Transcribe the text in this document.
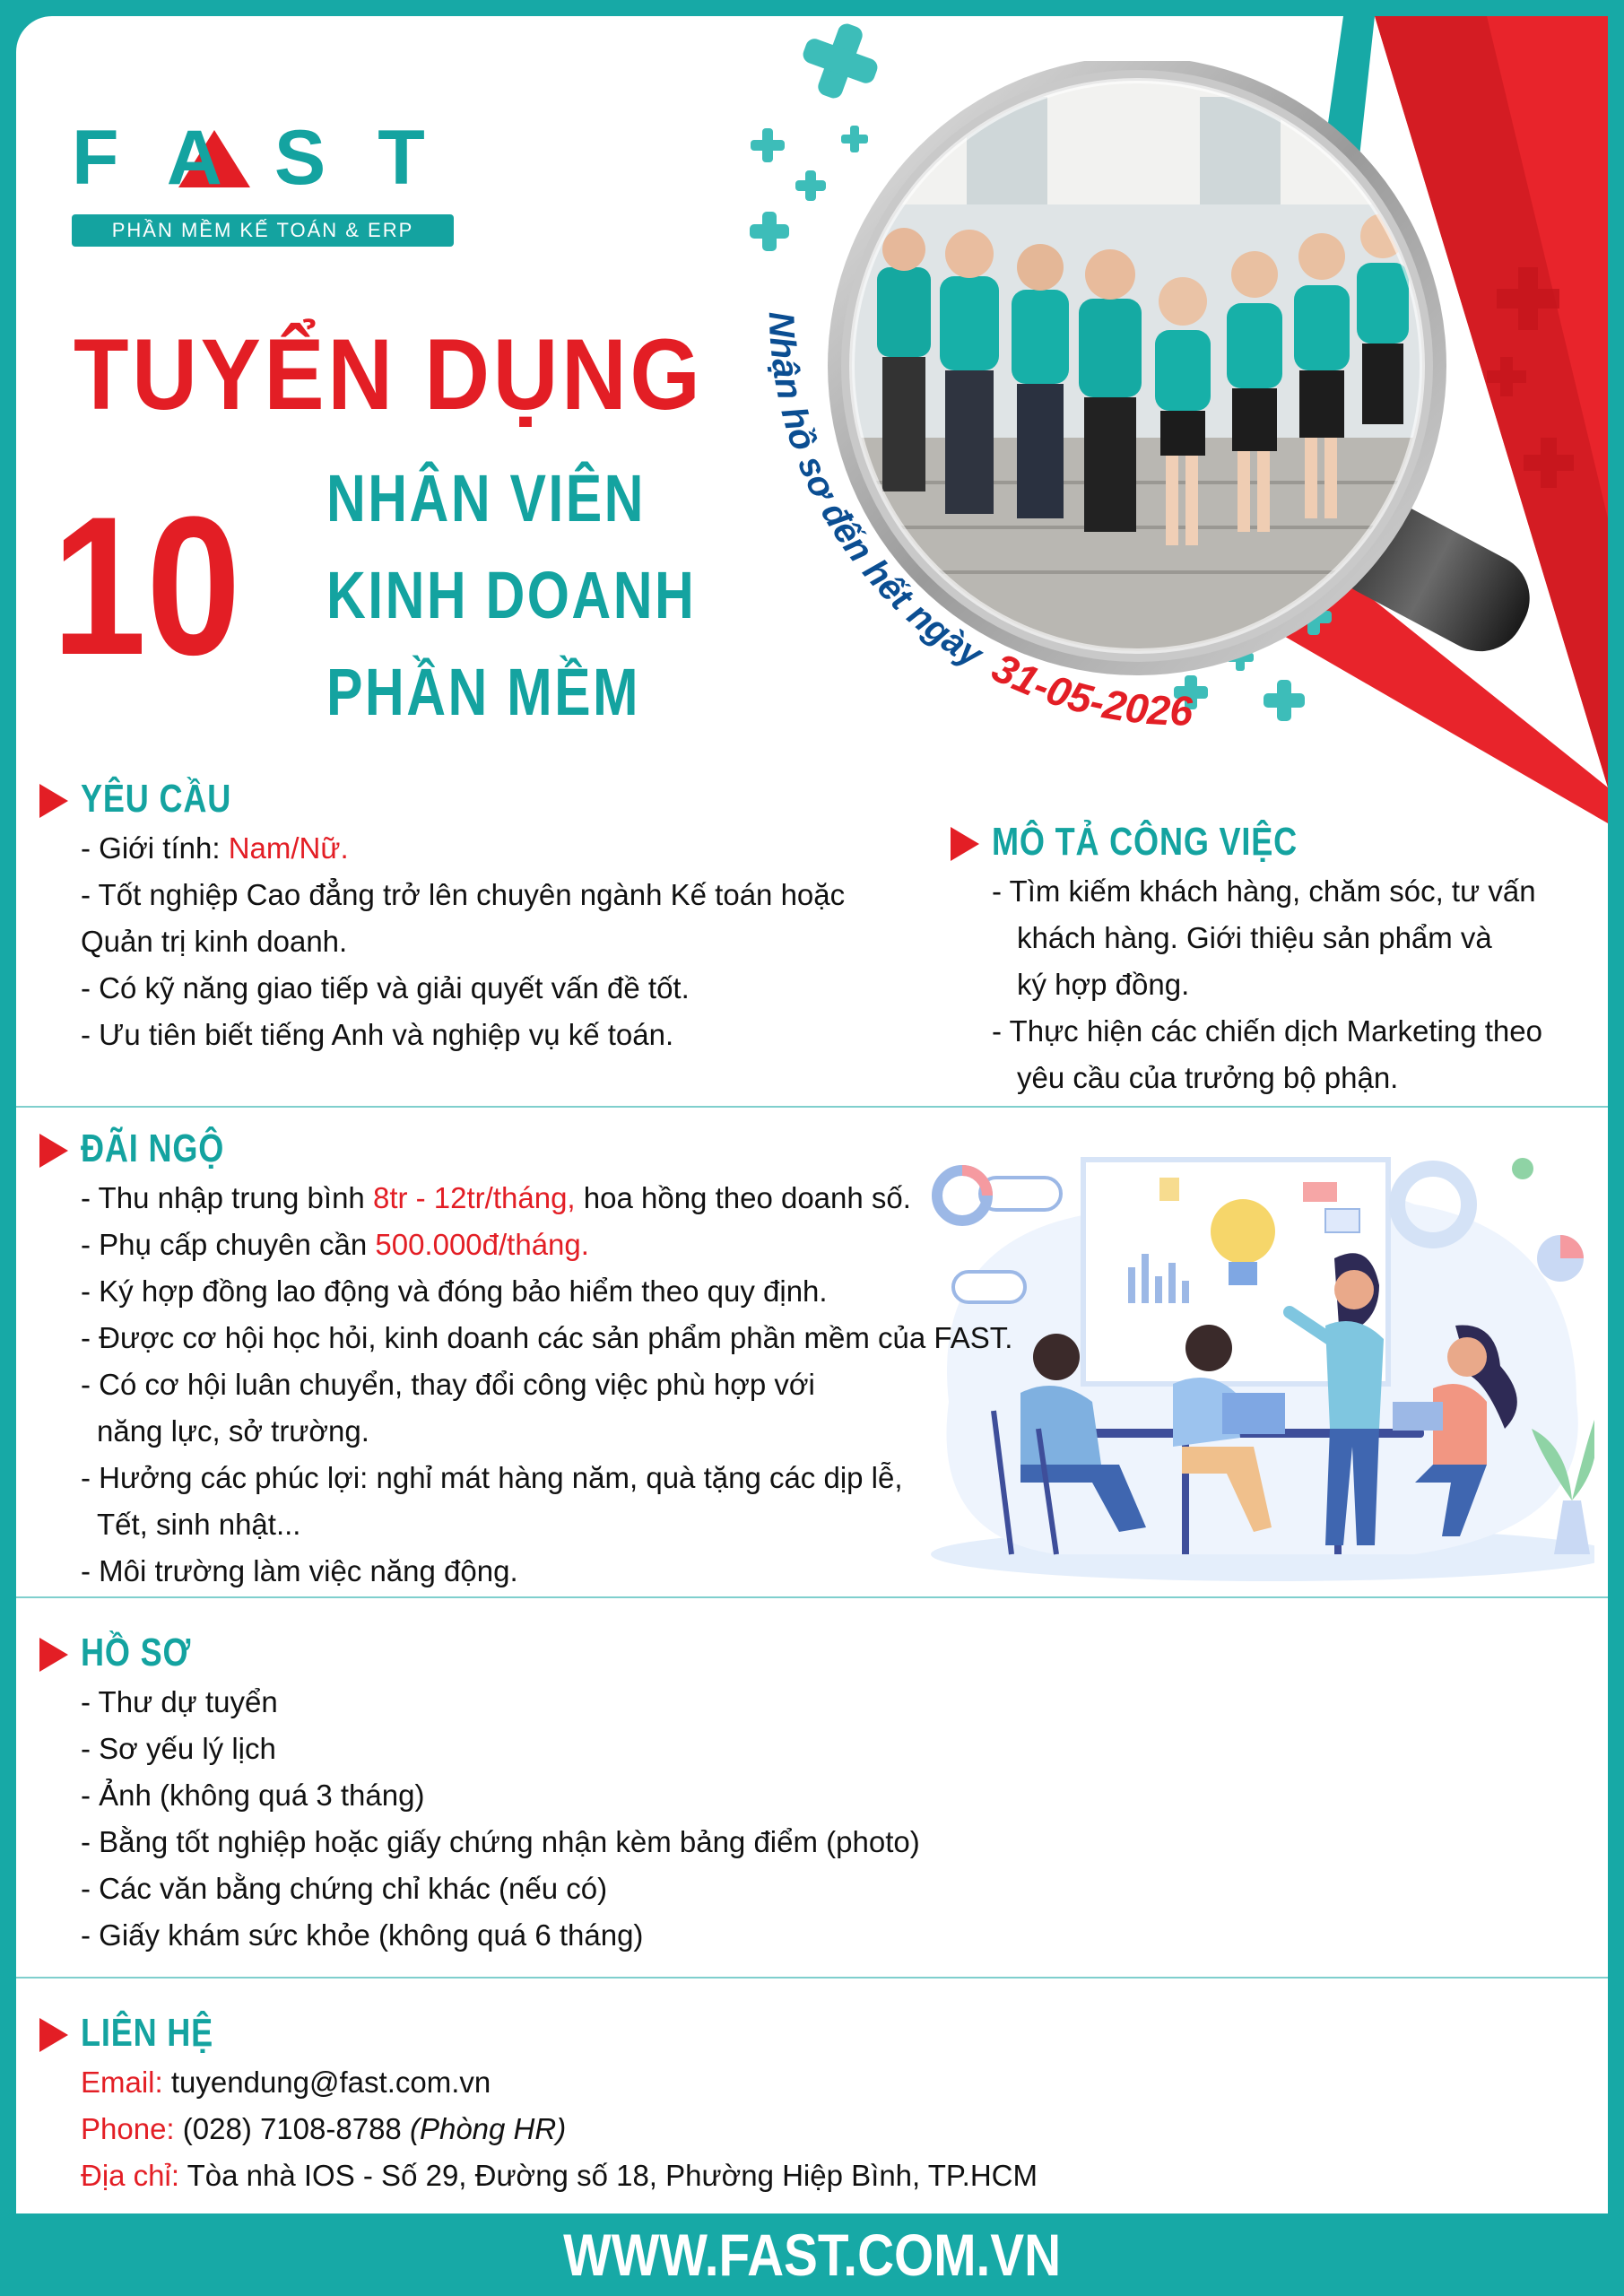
FAST
PHẦN MỀM KẾ TOÁN & ERP
TUYỂN DỤNG
10 NHÂN VIÊN
KINH DOANH
PHẦN MỀM
Nhận hồ sơ đến hết ngày 31-05-2026
YÊU CẦU
- Giới tính: Nam/Nữ.
- Tốt nghiệp Cao đẳng trở lên chuyên ngành Kế toán hoặc
Quản trị kinh doanh.
- Có kỹ năng giao tiếp và giải quyết vấn đề tốt.
- Ưu tiên biết tiếng Anh và nghiệp vụ kế toán.
MÔ TẢ CÔNG VIỆC
- Tìm kiếm khách hàng, chăm sóc, tư vấn
khách hàng. Giới thiệu sản phẩm và
ký hợp đồng.
- Thực hiện các chiến dịch Marketing theo
yêu cầu của trưởng bộ phận.
ĐÃI NGỘ
- Thu nhập trung bình 8tr - 12tr/tháng, hoa hồng theo doanh số.
- Phụ cấp chuyên cần 500.000đ/tháng.
- Ký hợp đồng lao động và đóng bảo hiểm theo quy định.
- Được cơ hội học hỏi, kinh doanh các sản phẩm phần mềm của FAST.
- Có cơ hội luân chuyển, thay đổi công việc phù hợp với
năng lực, sở trường.
- Hưởng các phúc lợi: nghỉ mát hàng năm, quà tặng các dịp lễ,
Tết, sinh nhật...
- Môi trường làm việc năng động.
HỒ SƠ
- Thư dự tuyển
- Sơ yếu lý lịch
- Ảnh (không quá 3 tháng)
- Bằng tốt nghiệp hoặc giấy chứng nhận kèm bảng điểm (photo)
- Các văn bằng chứng chỉ khác (nếu có)
- Giấy khám sức khỏe (không quá 6 tháng)
LIÊN HỆ
Email: tuyendung@fast.com.vn
Phone: (028) 7108-8788 (Phòng HR)
Địa chỉ: Tòa nhà IOS - Số 29, Đường số 18, Phường Hiệp Bình, TP.HCM
WWW.FAST.COM.VN
